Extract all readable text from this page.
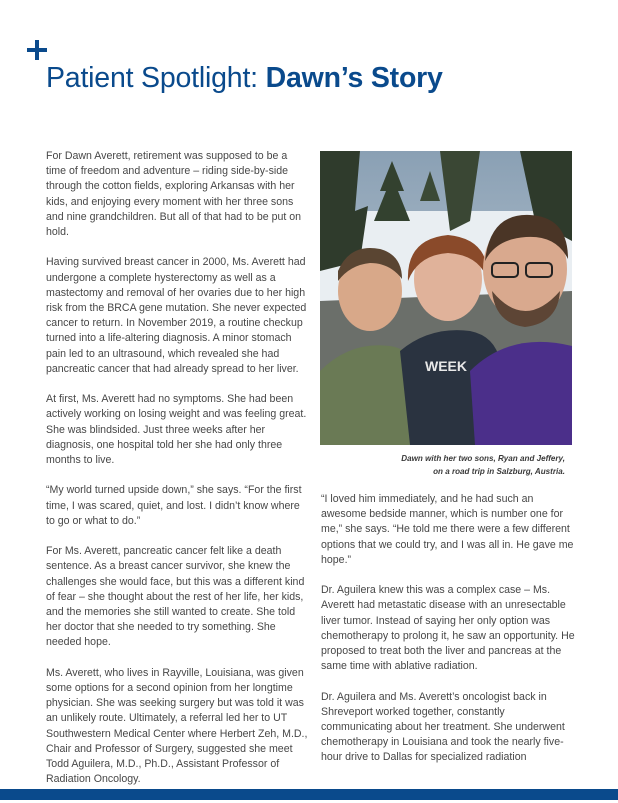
Patient Spotlight: Dawn’s Story

For Dawn Averett, retirement was supposed to be a time of freedom and adventure – riding side-by-side through the cotton fields, exploring Arkansas with her kids, and enjoying every moment with her three sons and nine grandchildren. But all of that had to be put on hold.

Having survived breast cancer in 2000, Ms. Averett had undergone a complete hysterectomy as well as a mastectomy and removal of her ovaries due to her high risk from the BRCA gene mutation. She never expected cancer to return. In November 2019, a routine checkup turned into a life-altering diagnosis. A minor stomach pain led to an ultrasound, which revealed she had pancreatic cancer that had already spread to her liver.

At first, Ms. Averett had no symptoms. She had been actively working on losing weight and was feeling great. She was blindsided. Just three weeks after her diagnosis, one hospital told her she had only three months to live.

“My world turned upside down,” she says. “For the first time, I was scared, quiet, and lost. I didn’t know where to go or what to do.”

For Ms. Averett, pancreatic cancer felt like a death sentence. As a breast cancer survivor, she knew the challenges she would face, but this was a different kind of fear – she thought about the rest of her life, her kids, and the memories she still wanted to create. She told her doctor that she needed to try something. She needed hope.

Ms. Averett, who lives in Rayville, Louisiana, was given some options for a second opinion from her longtime physician. She was seeking surgery but was told it was an unlikely route. Ultimately, a referral led her to UT Southwestern Medical Center where Herbert Zeh, M.D., Chair and Professor of Surgery, suggested she meet Todd Aguilera, M.D., Ph.D., Assistant Professor of Radiation Oncology.

WEEK
Dawn with her two sons, Ryan and Jeffery,
on a road trip in Salzburg, Austria.

“I loved him immediately, and he had such an awesome bedside manner, which is number one for me,” she says. “He told me there were a few different options that we could try, and I was all in. He gave me hope.”

Dr. Aguilera knew this was a complex case – Ms. Averett had metastatic disease with an unresectable liver tumor. Instead of saying her only option was chemotherapy to prolong it, he saw an opportunity. He proposed to treat both the liver and pancreas at the same time with ablative radiation.

Dr. Aguilera and Ms. Averett’s oncologist back in Shreveport worked together, constantly communicating about her treatment. She underwent chemotherapy in Louisiana and took the nearly five-hour drive to Dallas for specialized radiation
